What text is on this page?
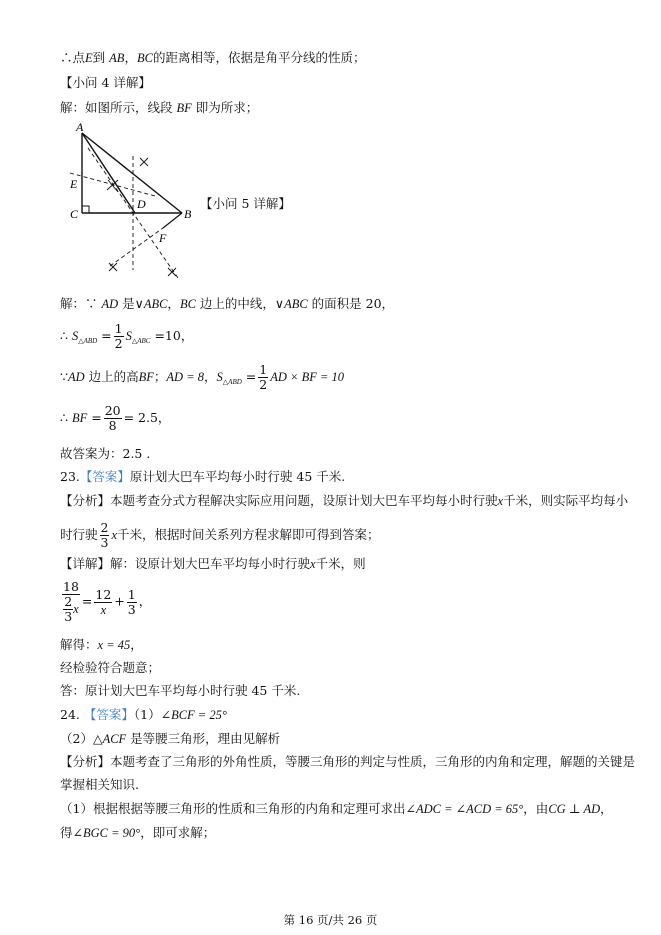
∴点E到 AB，BC的距离相等，依据是角平分线的性质；
【小问 4 详解】
解：如图所示，线段 BF 即为所求；
A
B
C
D
E
F
【小问 5 详解】
解：∵ AD 是∨ABC，BC 边上的中线，∨ABC 的面积是 20，
∴ $S_{\triangle ABD} = \frac{1}{2} S_{\triangle ABC} =10$，
∵AD 边上的高BF；AD = 8，$S_{\triangle ABD} = \frac{1}{2}$ AD × BF = 10
∴ BF = $\frac{20}{8} = 2.5$，
故答案为：2.5 .
23.【答案】原计划大巴车平均每小时行驶 45 千米.
【分析】本题考查分式方程解决实际应用问题，设原计划大巴车平均每小时行驶x千米，则实际平均每小
时行驶 $\frac{2}{3}$ x千米，根据时间关系列方程求解即可得到答案；
【详解】解：设原计划大巴车平均每小时行驶x千米，则
$\frac{18}{\frac{2}{3} x} = \frac{12}{x} + \frac{1}{3}$ ，
解得：x = 45，
经检验符合题意；
答：原计划大巴车平均每小时行驶 45 千米.
24. 【答案】（1）∠BCF = 25°
（2）△ACF 是等腰三角形，理由见解析
【分析】本题考查了三角形的外角性质，等腰三角形的判定与性质，三角形的内角和定理，解题的关键是
掌握相关知识.
（1）根据根据等腰三角形的性质和三角形的内角和定理可求出∠ADC = ∠ACD = 65°，由CG ⊥ AD，
得∠BGC = 90°，即可求解；
第 16 页/共 26 页
